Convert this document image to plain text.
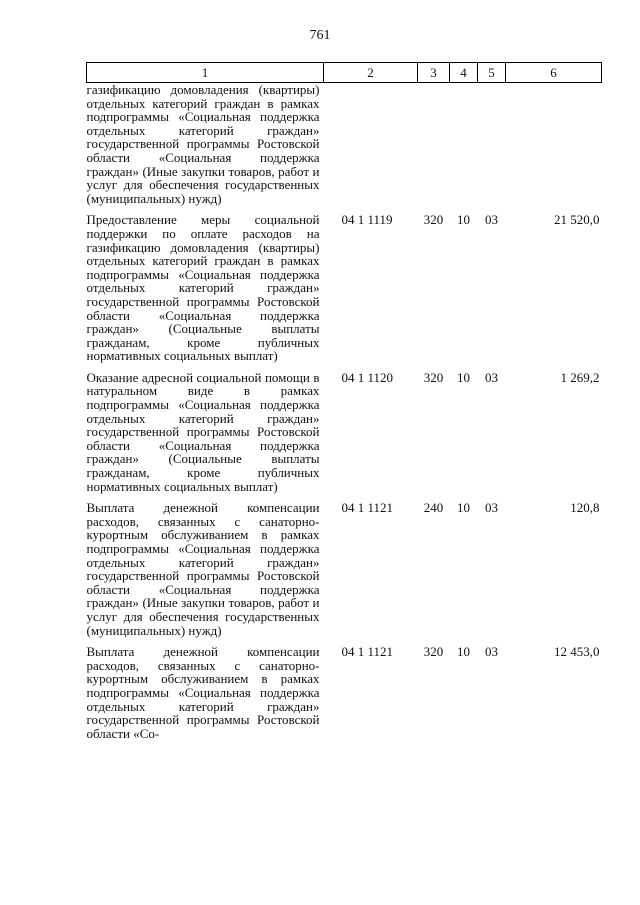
761
1	2	3	4	5	6
газификацию домовладения (квартиры) отдельных категорий граждан в рамках подпрограммы «Социальная поддержка отдельных категорий граждан» государственной программы Ростовской области «Социальная поддержка граждан» (Иные закупки товаров, работ и услуг для обеспечения государственных (муниципальных) нужд)					

Предоставление меры социальной поддержки по оплате расходов на газификацию домовладения (квартиры) отдельных категорий граждан в рамках подпрограммы «Социальная поддержка отдельных категорий граждан» государственной программы Ростовской области «Социальная поддержка граждан» (Социальные выплаты гражданам, кроме публичных нормативных социальных выплат)	04 1 1119	320	10	03	21 520,0

Оказание адресной социальной помощи в натуральном виде в рамках подпрограммы «Социальная поддержка отдельных категорий граждан» государственной программы Ростовской области «Социальная поддержка граждан» (Социальные выплаты гражданам, кроме публичных нормативных социальных выплат)	04 1 1120	320	10	03	1 269,2

Выплата денежной компенсации расходов, связанных с санаторно-курортным обслуживанием в рамках подпрограммы «Социальная поддержка отдельных категорий граждан» государственной программы Ростовской области «Социальная поддержка граждан» (Иные закупки товаров, работ и услуг для обеспечения государственных (муниципальных) нужд)	04 1 1121	240	10	03	120,8

Выплата денежной компенсации расходов, связанных с санаторно-курортным обслуживанием в рамках подпрограммы «Социальная поддержка отдельных категорий граждан» государственной программы Ростовской области «Со-	04 1 1121	320	10	03	12 453,0
